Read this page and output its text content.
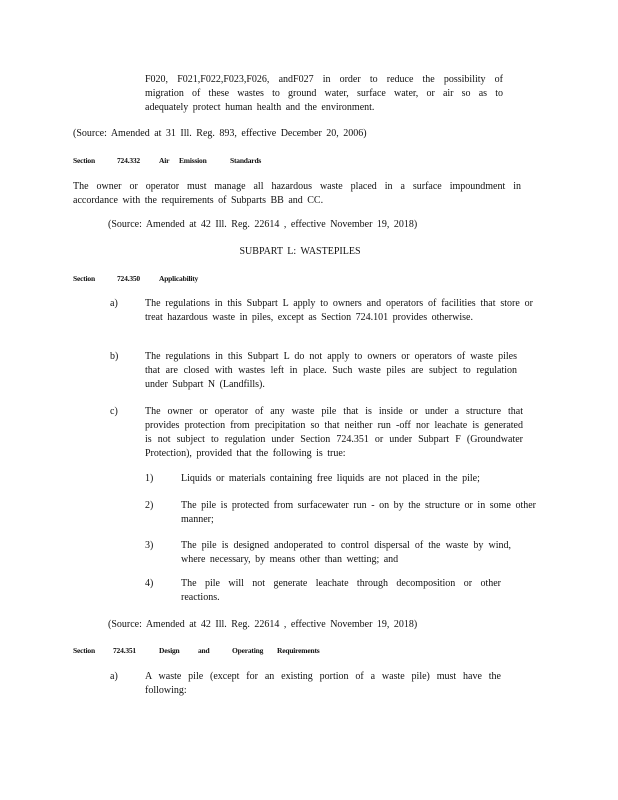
F020, F021,F022,F023,F026, andF027 in order to reduce the possibility of migration of these wastes to ground water, surface water, or air so as to adequately protect human health and the environment.
(Source: Amended at 31 Ill. Reg. 893, effective December 20, 2006)
Section	724.332	Air Emission	Standards
The owner or operator must manage all hazardous waste placed in a surface impoundment in accordance with the requirements of Subparts BB and CC.
(Source: Amended at 42 Ill. Reg. 22614 , effective November 19, 2018)
SUBPART L: WASTEPILES
Section	724.350	Applicability
a)	The regulations in this Subpart L apply to owners and operators of facilities that store or treat hazardous waste in piles, except as Section 724.101 provides otherwise.
b)	The regulations in this Subpart L do not apply to owners or operators of waste piles that are closed with wastes left in place. Such waste piles are subject to regulation under Subpart N (Landfills).
c)	The owner or operator of any waste pile that is inside or under a structure that provides protection from precipitation so that neither run -off nor leachate is generated is not subject to regulation under Section 724.351 or under Subpart F (Groundwater Protection), provided that the following is true:
1)	Liquids or materials containing free liquids are not placed in the pile;
2)	The pile is protected from surfacewater run - on by the structure or in some other manner;
3)	The pile is designed andoperated to control dispersal of the waste by wind, where necessary, by means other than wetting; and
4)	The pile will not generate leachate through decomposition or other reactions.
(Source: Amended at 42 Ill. Reg. 22614 , effective November 19, 2018)
Section 724.351	Design and	Operating Requirements
a)	A waste pile (except for an existing portion of a waste pile) must have the following:
